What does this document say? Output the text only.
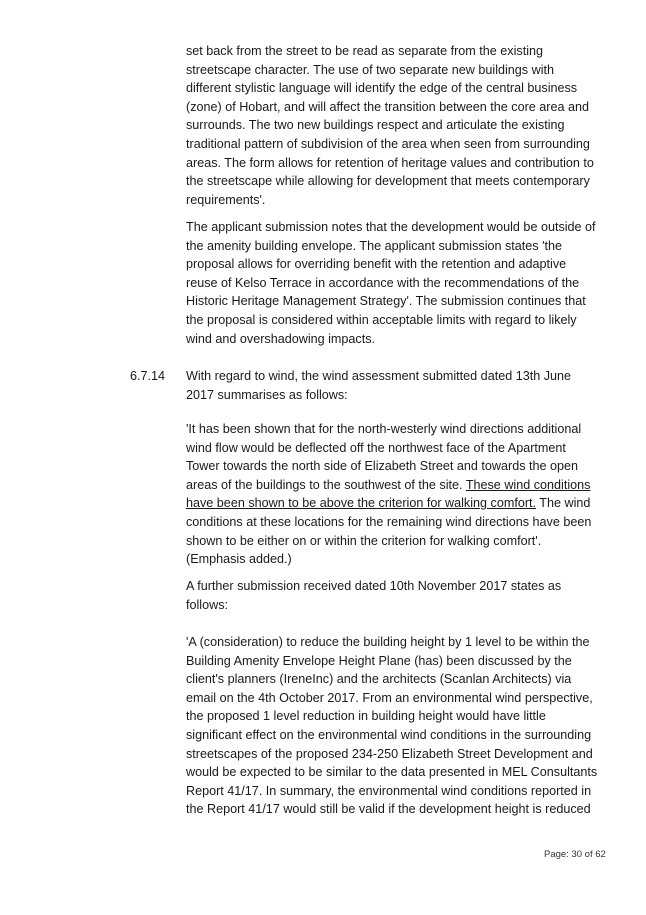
set back from the street to be read as separate from the existing streetscape character. The use of two separate new buildings with different stylistic language will identify the edge of the central business (zone) of Hobart, and will affect the transition between the core area and surrounds. The two new buildings respect and articulate the existing traditional pattern of subdivision of the area when seen from surrounding areas. The form allows for retention of heritage values and contribution to the streetscape while allowing for development that meets contemporary requirements'.

The applicant submission notes that the development would be outside of the amenity building envelope. The applicant submission states 'the proposal allows for overriding benefit with the retention and adaptive reuse of Kelso Terrace in accordance with the recommendations of the Historic Heritage Management Strategy'. The submission continues that the proposal is considered within acceptable limits with regard to likely wind and overshadowing impacts.

6.7.14 With regard to wind, the wind assessment submitted dated 13th June 2017 summarises as follows:

'It has been shown that for the north-westerly wind directions additional wind flow would be deflected off the northwest face of the Apartment Tower towards the north side of Elizabeth Street and towards the open areas of the buildings to the southwest of the site. These wind conditions have been shown to be above the criterion for walking comfort. The wind conditions at these locations for the remaining wind directions have been shown to be either on or within the criterion for walking comfort'. (Emphasis added.)

A further submission received dated 10th November 2017 states as follows:

'A (consideration) to reduce the building height by 1 level to be within the Building Amenity Envelope Height Plane (has) been discussed by the client's planners (IreneInc) and the architects (Scanlan Architects) via email on the 4th October 2017. From an environmental wind perspective, the proposed 1 level reduction in building height would have little significant effect on the environmental wind conditions in the surrounding streetscapes of the proposed 234-250 Elizabeth Street Development and would be expected to be similar to the data presented in MEL Consultants Report 41/17. In summary, the environmental wind conditions reported in the Report 41/17 would still be valid if the development height is reduced

Page: 30 of 62
